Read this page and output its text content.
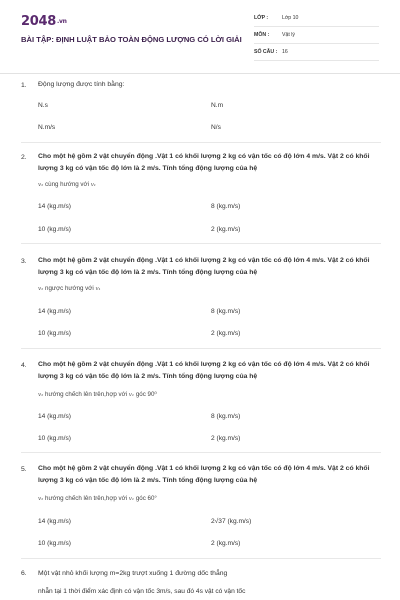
2048.vn
BÀI TẬP: ĐỊNH LUẬT BẢO TOÀN ĐỘNG LƯỢNG CÓ LỜI GIẢI
LỚP :	Lớp 10
MÔN : Vật lý
SỐ CÂU : 16
1. Động lượng được tính bằng:
N.s	N.m
N.m/s	N/s
2. Cho một hệ gồm 2 vật chuyển động .Vật 1 có khối lượng 2 kg có vận tốc có độ lớn 4 m/s. Vật 2 có khối lượng 3 kg có vận tốc độ lớn là 2 m/s. Tính tổng động lượng của hệ
v₂ cùng hướng với v₁
14 (kg.m/s)	8 (kg.m/s)
10 (kg.m/s)	2 (kg.m/s)
3. Cho một hệ gồm 2 vật chuyển động .Vật 1 có khối lượng 2 kg có vận tốc có độ lớn 4 m/s. Vật 2 có khối lượng 3 kg có vận tốc độ lớn là 2 m/s. Tính tổng động lượng của hệ
v₂ ngược hướng với v₁
14 (kg.m/s)	8 (kg.m/s)
10 (kg.m/s)	2 (kg.m/s)
4. Cho một hệ gồm 2 vật chuyển động .Vật 1 có khối lượng 2 kg có vận tốc có độ lớn 4 m/s. Vật 2 có khối lượng 3 kg có vận tốc độ lớn là 2 m/s. Tính tổng động lượng của hệ
v₂ hướng chếch lên trên,hợp với v₁ góc 90⁰
14 (kg.m/s)	8 (kg.m/s)
10 (kg.m/s)	2 (kg.m/s)
5. Cho một hệ gồm 2 vật chuyển động .Vật 1 có khối lượng 2 kg có vận tốc có độ lớn 4 m/s. Vật 2 có khối lượng 3 kg có vận tốc độ lớn là 2 m/s. Tính tổng động lượng của hệ
v₂ hướng chếch lên trên,hợp với v₁ góc 60°
14 (kg.m/s)	2√37 (kg.m/s)
10 (kg.m/s)	2 (kg.m/s)
6. Một vật nhỏ khối lượng m=2kg trượt xuống 1 đường dốc thẳng
nhẵn tại 1 thời điểm xác định có vận tốc 3m/s, sau đó 4s vật có vận tốc
